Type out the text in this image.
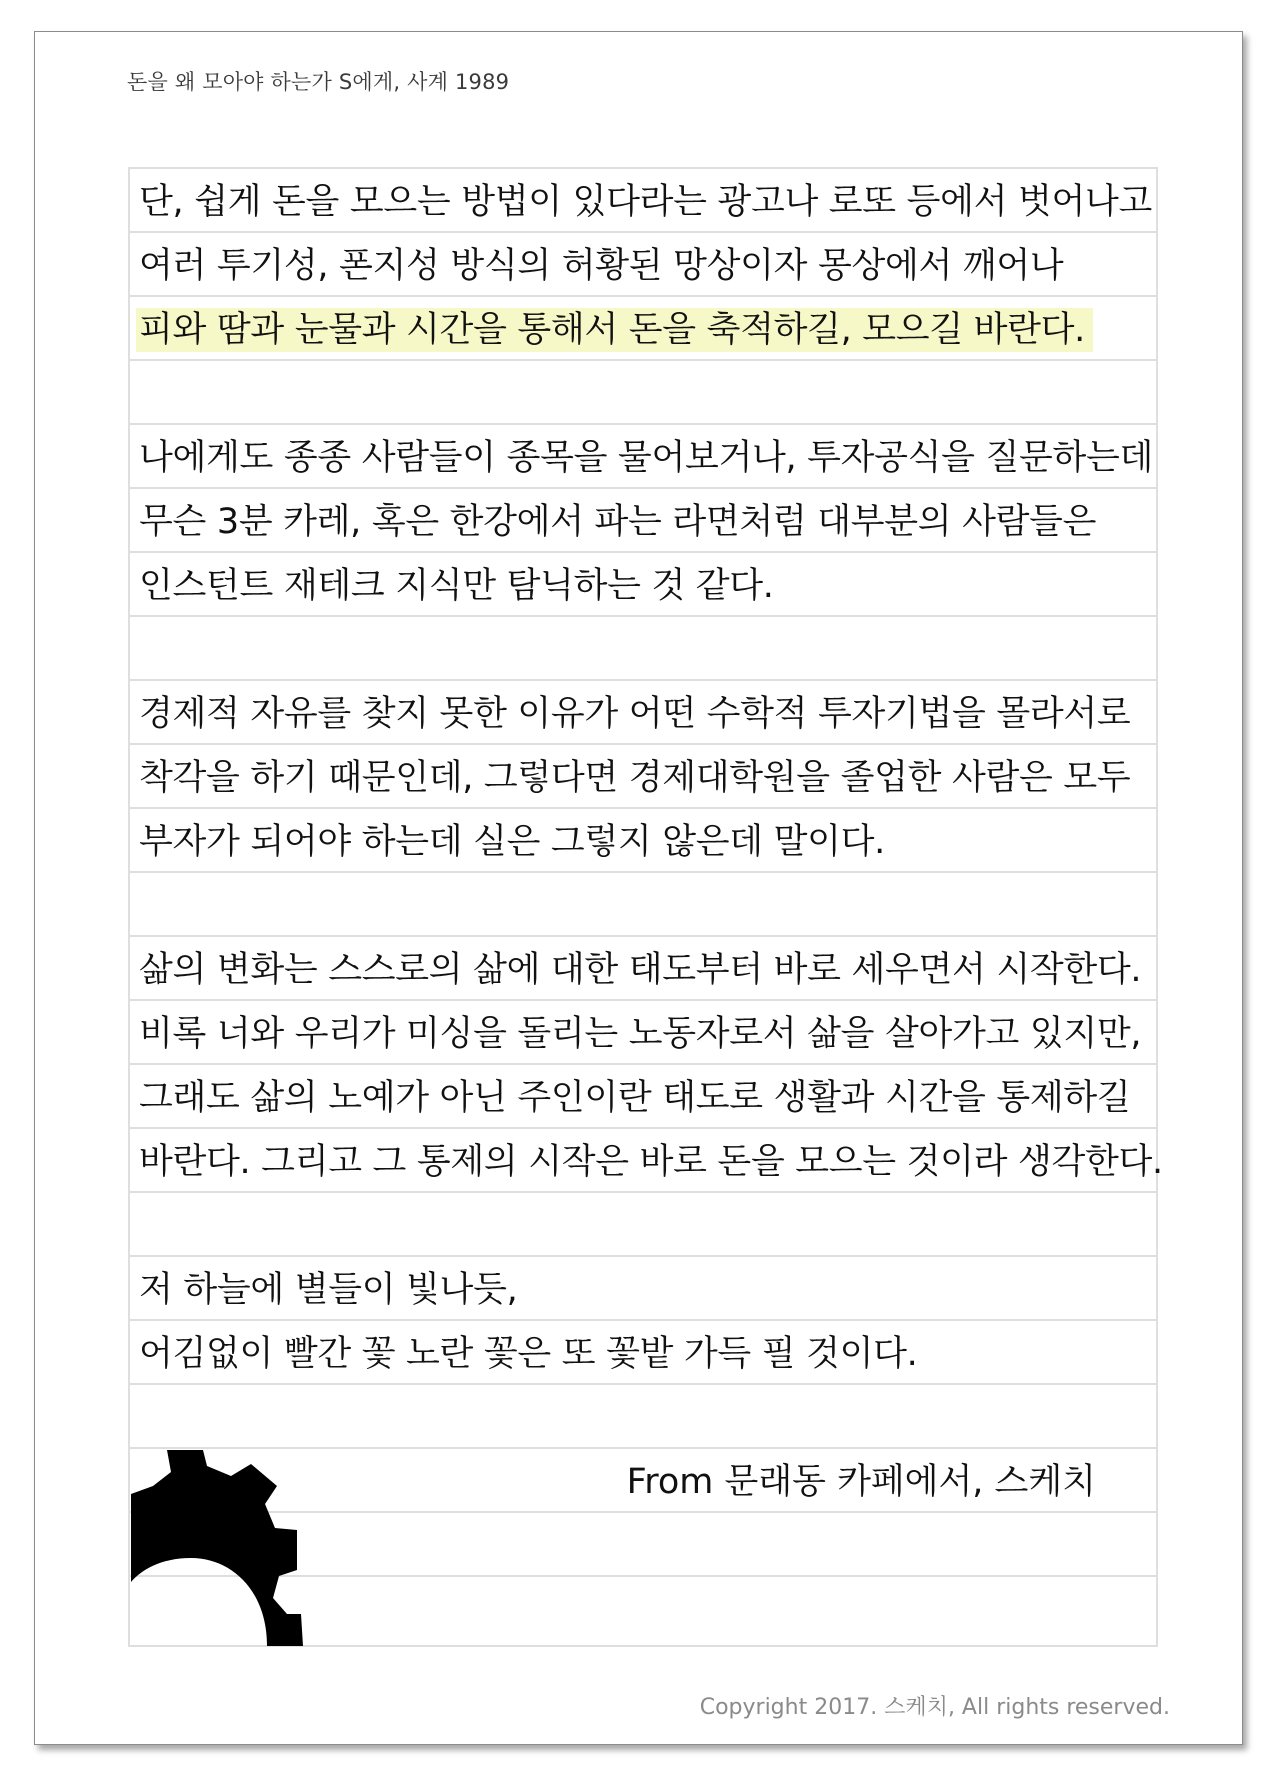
돈을 왜 모아야 하는가 S에게, 사계 1989
단, 쉽게 돈을 모으는 방법이 있다라는 광고나 로또 등에서 벗어나고
여러 투기성, 폰지성 방식의 허황된 망상이자 몽상에서 깨어나
피와 땀과 눈물과 시간을 통해서 돈을 축적하길, 모으길 바란다.
나에게도 종종 사람들이 종목을 물어보거나, 투자공식을 질문하는데
무슨 3분 카레, 혹은 한강에서 파는 라면처럼 대부분의 사람들은
인스턴트 재테크 지식만 탐닉하는 것 같다.
경제적 자유를 찾지 못한 이유가 어떤 수학적 투자기법을 몰라서로
착각을 하기 때문인데, 그렇다면 경제대학원을 졸업한 사람은 모두
부자가 되어야 하는데 실은 그렇지 않은데 말이다.
삶의 변화는 스스로의 삶에 대한 태도부터 바로 세우면서 시작한다.
비록 너와 우리가 미싱을 돌리는 노동자로서 삶을 살아가고 있지만,
그래도 삶의 노예가 아닌 주인이란 태도로 생활과 시간을 통제하길
바란다. 그리고 그 통제의 시작은 바로 돈을 모으는 것이라 생각한다.
저 하늘에 별들이 빛나듯,
어김없이 빨간 꽃 노란 꽃은 또 꽃밭 가득 필 것이다.
From 문래동 카페에서, 스케치
Copyright 2017. 스케치, All rights reserved.
